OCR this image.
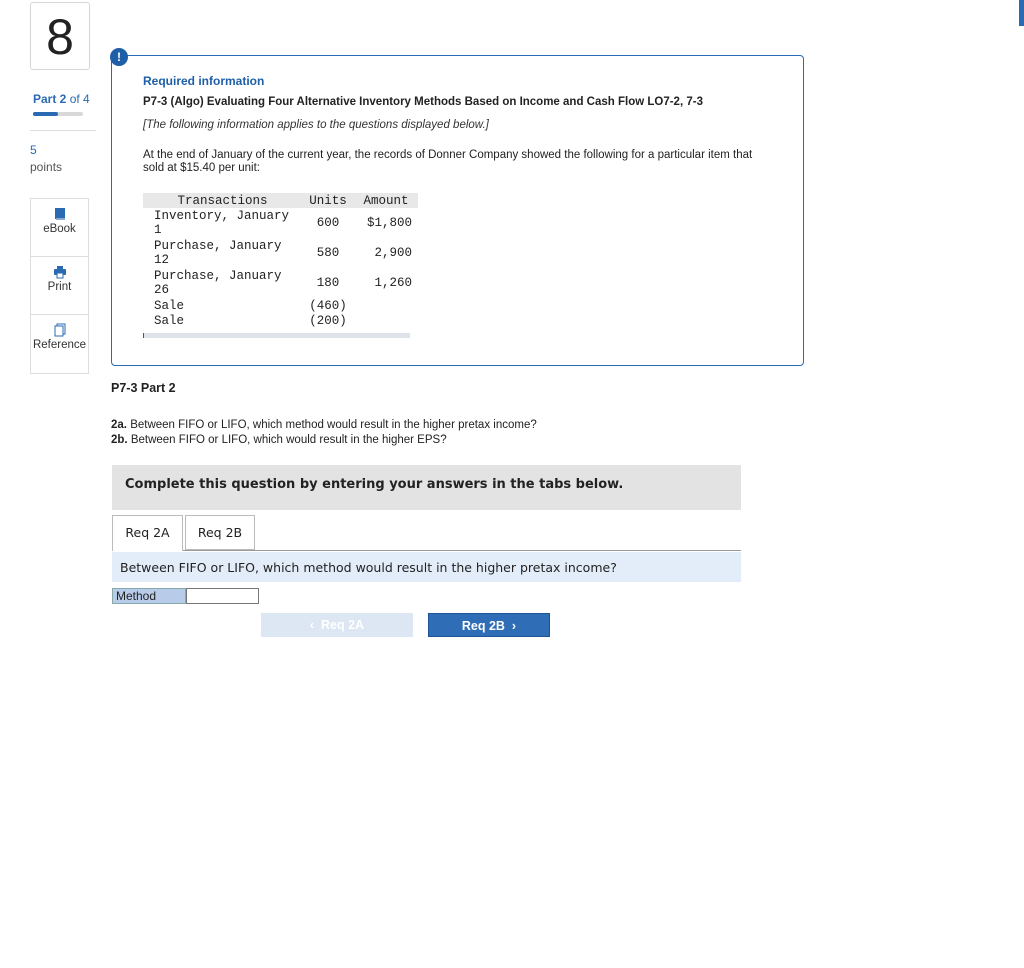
8
Part 2 of 4
5
points
eBook
Print
Reference
!
Required information
P7-3 (Algo) Evaluating Four Alternative Inventory Methods Based on Income and Cash Flow LO7-2, 7-3
[The following information applies to the questions displayed below.]
At the end of January of the current year, the records of Donner Company showed the following for a particular item that sold at $15.40 per unit:
Transactions	Units	Amount
Inventory, January 1	600	$1,800
Purchase, January 12	580	2,900
Purchase, January 26	180	1,260
Sale	(460)	
Sale	(200)	
P7-3 Part 2
2a. Between FIFO or LIFO, which method would result in the higher pretax income?
2b. Between FIFO or LIFO, which would result in the higher EPS?
Complete this question by entering your answers in the tabs below.
Req 2A	Req 2B
Between FIFO or LIFO, which method would result in the higher pretax income?
Method
‹ Req 2A	Req 2B ›
